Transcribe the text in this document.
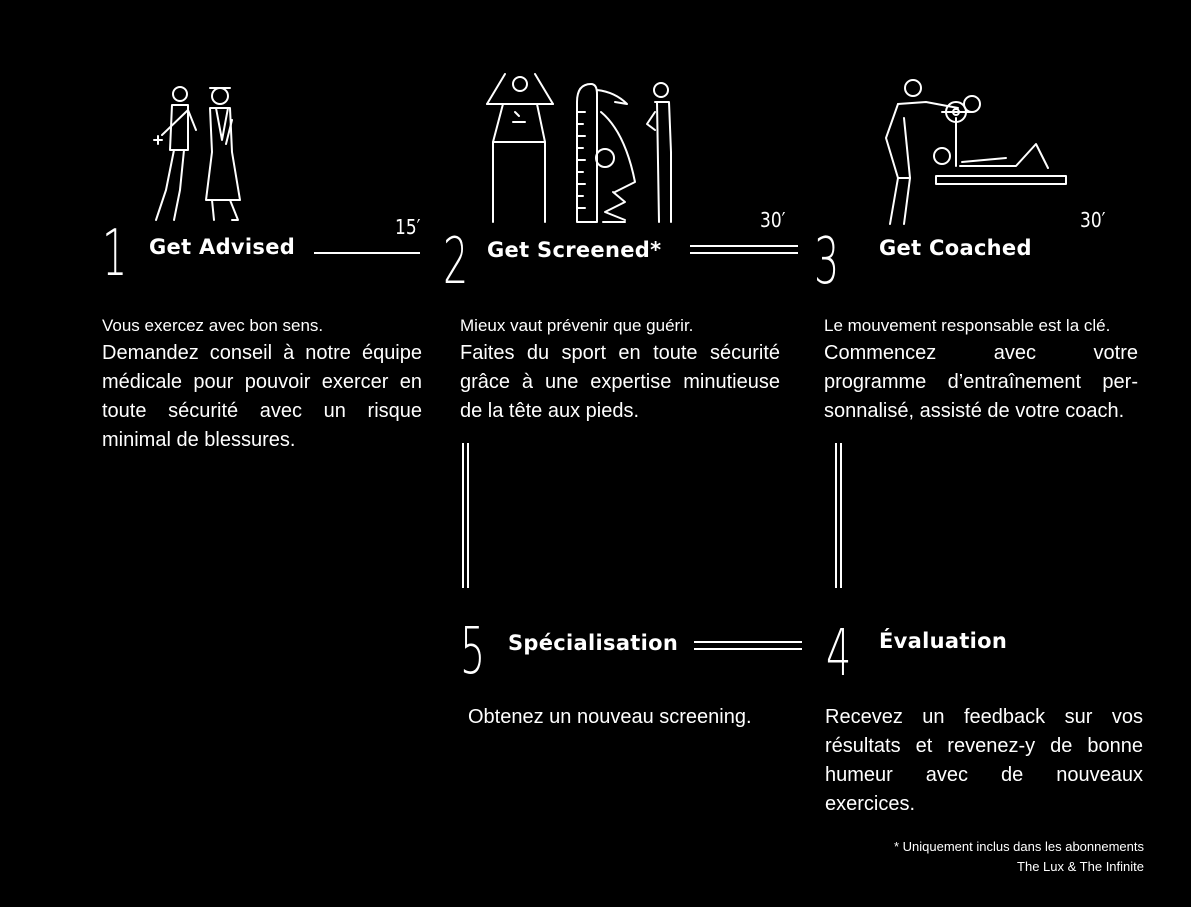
1 Get Advised
15′
Vous exercez avec bon sens.
Demandez conseil à notre équipe médicale pour pouvoir exercer en toute sécurité avec un risque minimal de blessures.
2 Get Screened*
30′
Mieux vaut prévenir que guérir.
Faites du sport en toute sécurité grâce à une expertise minutieuse de la tête aux pieds.
3 Get Coached
30′
Le mouvement responsable est la clé.
Commencez avec votre programme d’entraînement per-sonnalisé, assisté de votre coach.
5 Spécialisation
Obtenez un nouveau screening.
4 Évaluation
Recevez un feedback sur vos résultats et revenez-y de bonne humeur avec de nouveaux exercices.
* Uniquement inclus dans les abonnements
The Lux & The Infinite
